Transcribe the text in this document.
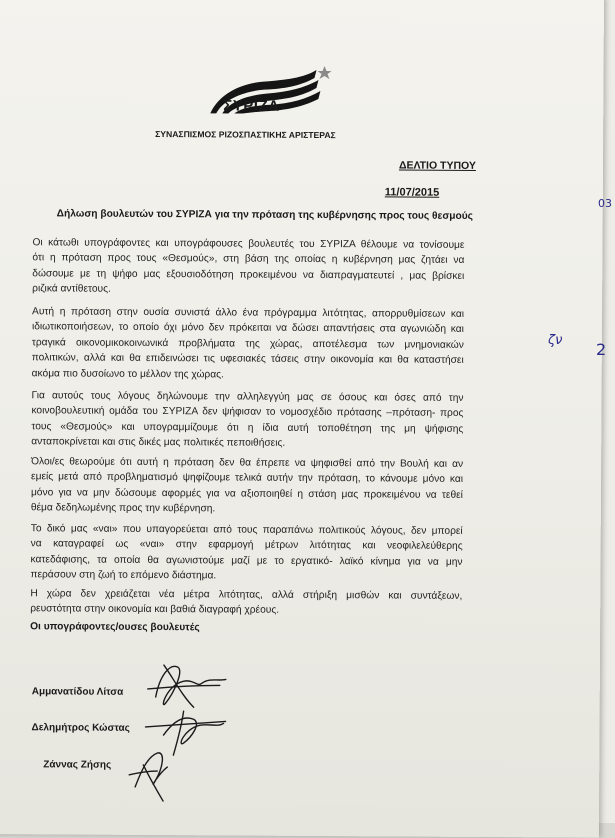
ΣΥΡΙΖΑ
ΣΥΝΑΣΠΙΣΜΟΣ ΡΙΖΟΣΠΑΣΤΙΚΗΣ ΑΡΙΣΤΕΡΑΣ
ΔΕΛΤΙΟ ΤΥΠΟΥ
11/07/2015
Δήλωση βουλευτών του ΣΥΡΙΖΑ για την πρόταση της κυβέρνησης προς τους θεσμούς

Οι κάτωθι υπογράφοντες και υπογράφουσες βουλευτές του ΣΥΡΙΖΑ θέλουμε να τονίσουμε
ότι η πρόταση προς τους «Θεσμούς», στη βάση της οποίας η κυβέρνηση μας ζητάει να
δώσουμε με τη ψήφο μας εξουσιοδότηση προκειμένου να διαπραγματευτεί , μας βρίσκει
ριζικά αντίθετους.

Αυτή η πρόταση στην ουσία συνιστά άλλο ένα πρόγραμμα λιτότητας, απορρυθμίσεων και
ιδιωτικοποιήσεων, το οποίο όχι μόνο δεν πρόκειται να δώσει απαντήσεις στα αγωνιώδη και
τραγικά οικονομικοκοινωνικά προβλήματα της χώρας, αποτέλεσμα των μνημονιακών
πολιτικών, αλλά και θα επιδεινώσει τις υφεσιακές τάσεις στην οικονομία και θα καταστήσει
ακόμα πιο δυσοίωνο το μέλλον της χώρας.

Για αυτούς τους λόγους δηλώνουμε την αλληλεγγύη μας σε όσους και όσες από την
κοινοβουλευτική ομάδα του ΣΥΡΙΖΑ δεν ψήφισαν το νομοσχέδιο πρότασης –πρόταση- προς
τους «Θεσμούς» και υπογραμμίζουμε ότι η ίδια αυτή τοποθέτηση της μη ψήφισης
ανταποκρίνεται και στις δικές μας πολιτικές πεποιθήσεις.

Όλοι/ες θεωρούμε ότι αυτή η πρόταση δεν θα έπρεπε να ψηφισθεί από την Βουλή και αν
εμείς μετά από προβληματισμό ψηφίζουμε τελικά αυτήν την πρόταση, το κάνουμε μόνο και
μόνο για να μην δώσουμε αφορμές για να αξιοποιηθεί η στάση μας προκειμένου να τεθεί
θέμα δεδηλωμένης προς την κυβέρνηση.

Το δικό μας «ναι» που υπαγορεύεται από τους παραπάνω πολιτικούς λόγους, δεν μπορεί
να καταγραφεί ως «ναι» στην εφαρμογή μέτρων λιτότητας και νεοφιλελεύθερης
κατεδάφισης, τα οποία θα αγωνιστούμε μαζί με το εργατικό- λαϊκό κίνημα για να μην
περάσουν στη ζωή το επόμενο διάστημα.

Η χώρα δεν χρειάζεται νέα μέτρα λιτότητας, αλλά στήριξη μισθών και συντάξεων,
ρευστότητα στην οικονομία και βαθιά διαγραφή χρέους.

Οι υπογράφοντες/ουσες βουλευτές
Αμμανατίδου Λίτσα
Δελημήτρος Κώστας
Ζάννας Ζήσης
03
ζν 2
